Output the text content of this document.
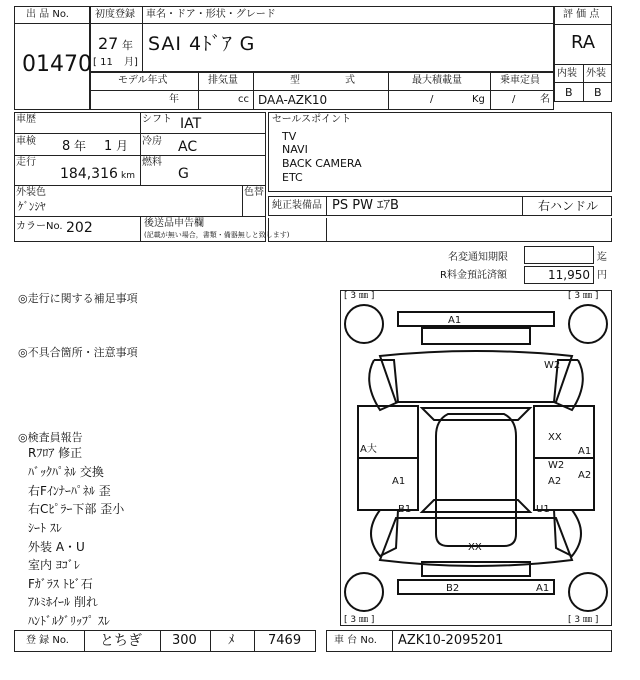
出 品 No.
01470
初度登録 車名・ドア・形状・グレード
27 年
[ 11 月]
SAI 4ﾄﾞｱ G
評 価 点
RA
内装 外装
B B
モデル年式	排気量	型	式	最大積載量	乗車定員
年	cc DAA-AZK10	/	Kg	/ 名
車歴	シフト IAT
車検 8 年 1 月 冷房 AC
走行
184,316 km
燃料
G
外装色
ｹﾞﾝｼﾔ
色替
カラーNo. 202	後送品申告欄
(記載が無い場合，書類・備器無しと致します)
セールスポイント
TV
NAVI
BACK CAMERA
ETC
純正装備品 PS PW ｴｱB	右ハンドル
名変通知期限	迄
R料金預託済額	11,950 円
◎走行に関する補足事項
◎不具合箇所・注意事項
◎検査員報告
Rﾌﾛｱ 修正
ﾊﾞｯｸﾊﾟﾈﾙ 交換
右Fｲﾝﾅｰﾊﾟﾈﾙ 歪
右Cﾋﾟﾗｰ下部 歪小
ｼｰﾄ ｽﾚ
外装 A・U
室内 ﾖｺﾞﾚ
Fｶﾞﾗｽ ﾄﾋﾞ石
ｱﾙﾐﾎｲｰﾙ 削れ
ﾊﾝﾄﾞﾙｸﾞﾘｯﾌﾟ ｽﾚ
[ 3 ㎜ ]	[ 3 ㎜ ]
[ 3 ㎜ ]	[ 3 ㎜ ]
A1
W2
A大
XX
A1
W2
A2
A2
A1
B1	U1
XX
B2	A1
登 録 No. とちぎ 300 ﾒ	7469	車 台 No. AZK10-2095201
